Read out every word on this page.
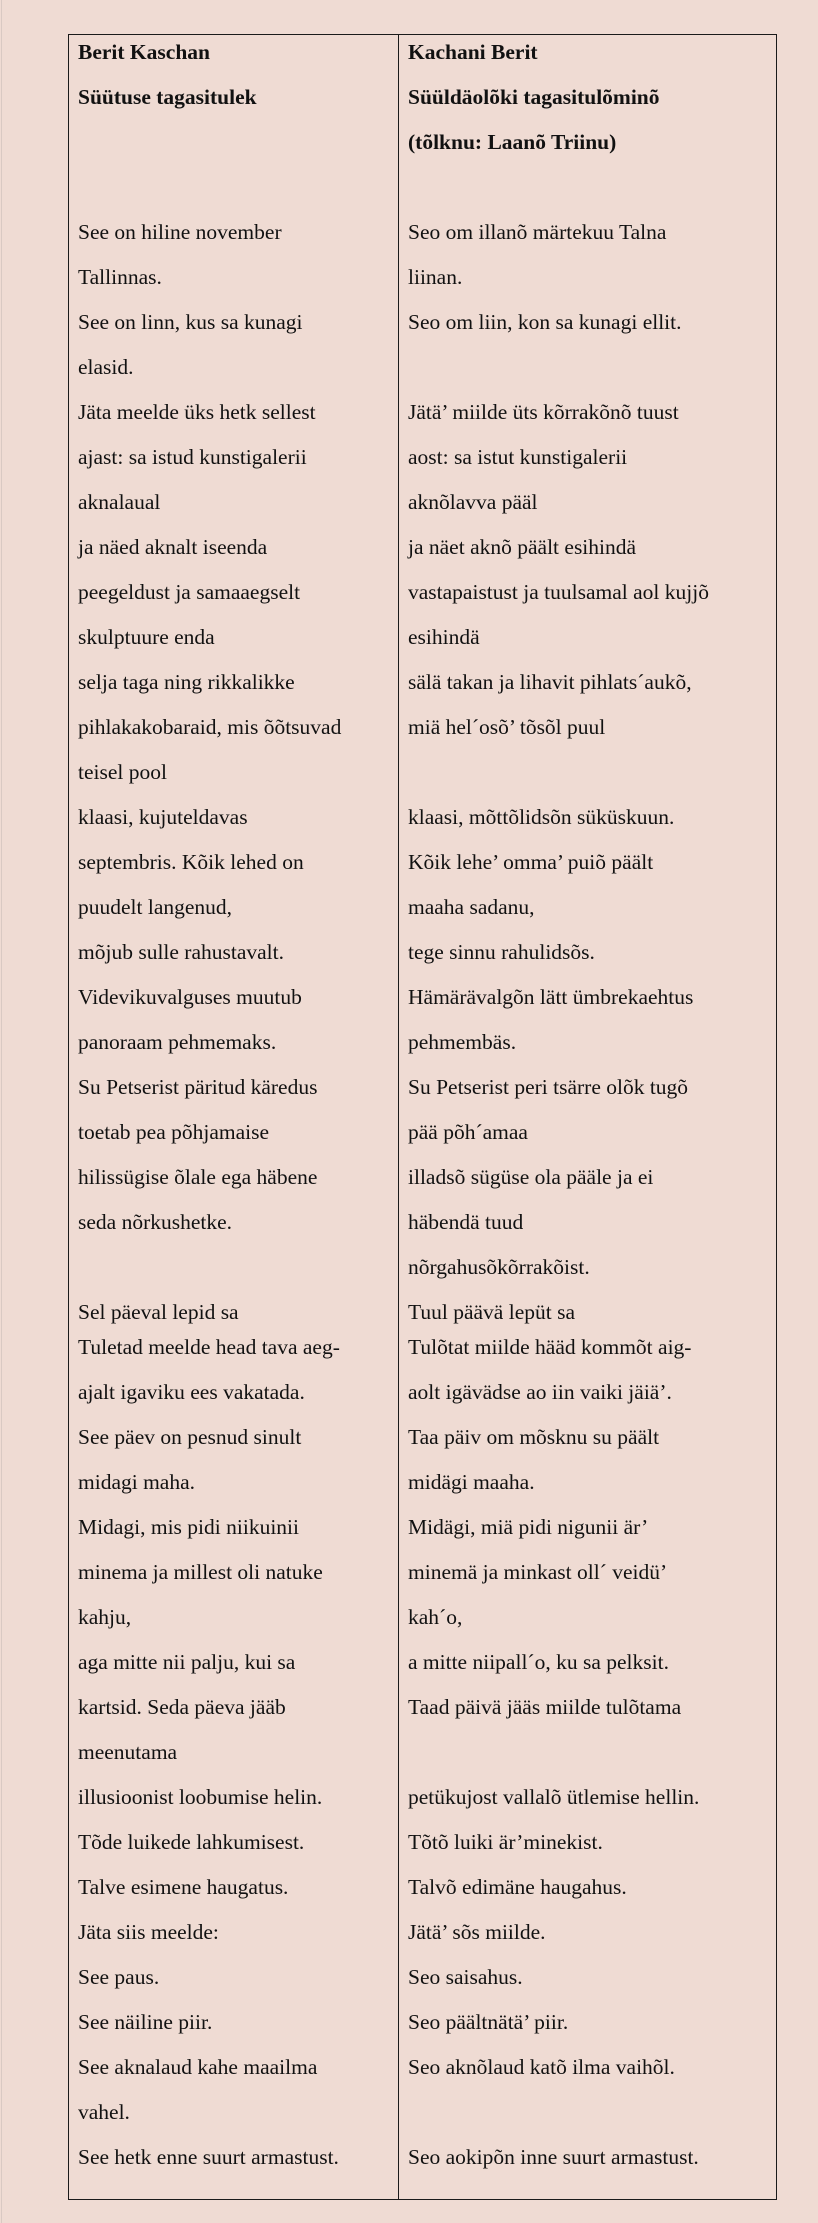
Berit Kaschan
Süütuse tagasitulek
See on hiline november
Tallinnas.
See on linn, kus sa kunagi
elasid.
Jäta meelde üks hetk sellest
ajast: sa istud kunstigalerii
aknalaual
ja näed aknalt iseenda
peegeldust ja samaaegselt
skulptuure enda
selja taga ning rikkalikke
pihlakakobaraid, mis õõtsuvad
teisel pool
klaasi, kujuteldavas
septembris. Kõik lehed on
puudelt langenud,
mõjub sulle rahustavalt.
Videvikuvalguses muutub
panoraam pehmemaks.
Su Petserist päritud käredus
toetab pea põhjamaise
hilissügise õlale ega häbene
seda nõrkushetke.
Sel päeval lepid sa
Tuletad meelde head tava aeg-
ajalt igaviku ees vakatada.
See päev on pesnud sinult
midagi maha.
Midagi, mis pidi niikuinii
minema ja millest oli natuke
kahju,
aga mitte nii palju, kui sa
kartsid. Seda päeva jääb
meenutama
illusioonist loobumise helin.
Tõde luikede lahkumisest.
Talve esimene haugatus.
Jäta siis meelde:
See paus.
See näiline piir.
See aknalaud kahe maailma
vahel.
See hetk enne suurt armastust.
Kachani Berit
Süüldäolõki tagasitulõminõ
(tõlknu: Laanõ Triinu)
Seo om illanõ märtekuu Talna
liinan.
Seo om liin, kon sa kunagi ellit.
Jätä’ miilde üts kõrrakõnõ tuust
aost: sa istut kunstigalerii
aknõlavva pääl
ja näet aknõ päält esihindä
vastapaistust ja tuulsamal aol kujjõ
esihindä
sälä takan ja lihavit pihlats´aukõ,
miä hel´osõ’ tõsõl puul
klaasi, mõttõlidsõn süküskuun.
Kõik lehe’ omma’ puiõ päält
maaha sadanu,
tege sinnu rahulidsõs.
Hämärävalgõn lätt ümbrekaehtus
pehmembäs.
Su Petserist peri tsärre olõk tugõ
pää põh´amaa
illadsõ sügüse ola pääle ja ei
häbendä tuud
nõrgahusõkõrrakõist.
Tuul päävä lepüt sa
Tulõtat miilde hääd kommõt aig-
aolt igävädse ao iin vaiki jäiä’.
Taa päiv om mõsknu su päält
midägi maaha.
Midägi, miä pidi nigunii är’
minemä ja minkast oll´ veidü’
kah´o,
a mitte niipall´o, ku sa pelksit.
Taad päivä jääs miilde tulõtama
petükujost vallalõ ütlemise hellin.
Tõtõ luiki är’minekist.
Talvõ edimäne haugahus.
Jätä’ sõs miilde.
Seo saisahus.
Seo päältnätä’ piir.
Seo aknõlaud katõ ilma vaihõl.
Seo aokipõn inne suurt armastust.
